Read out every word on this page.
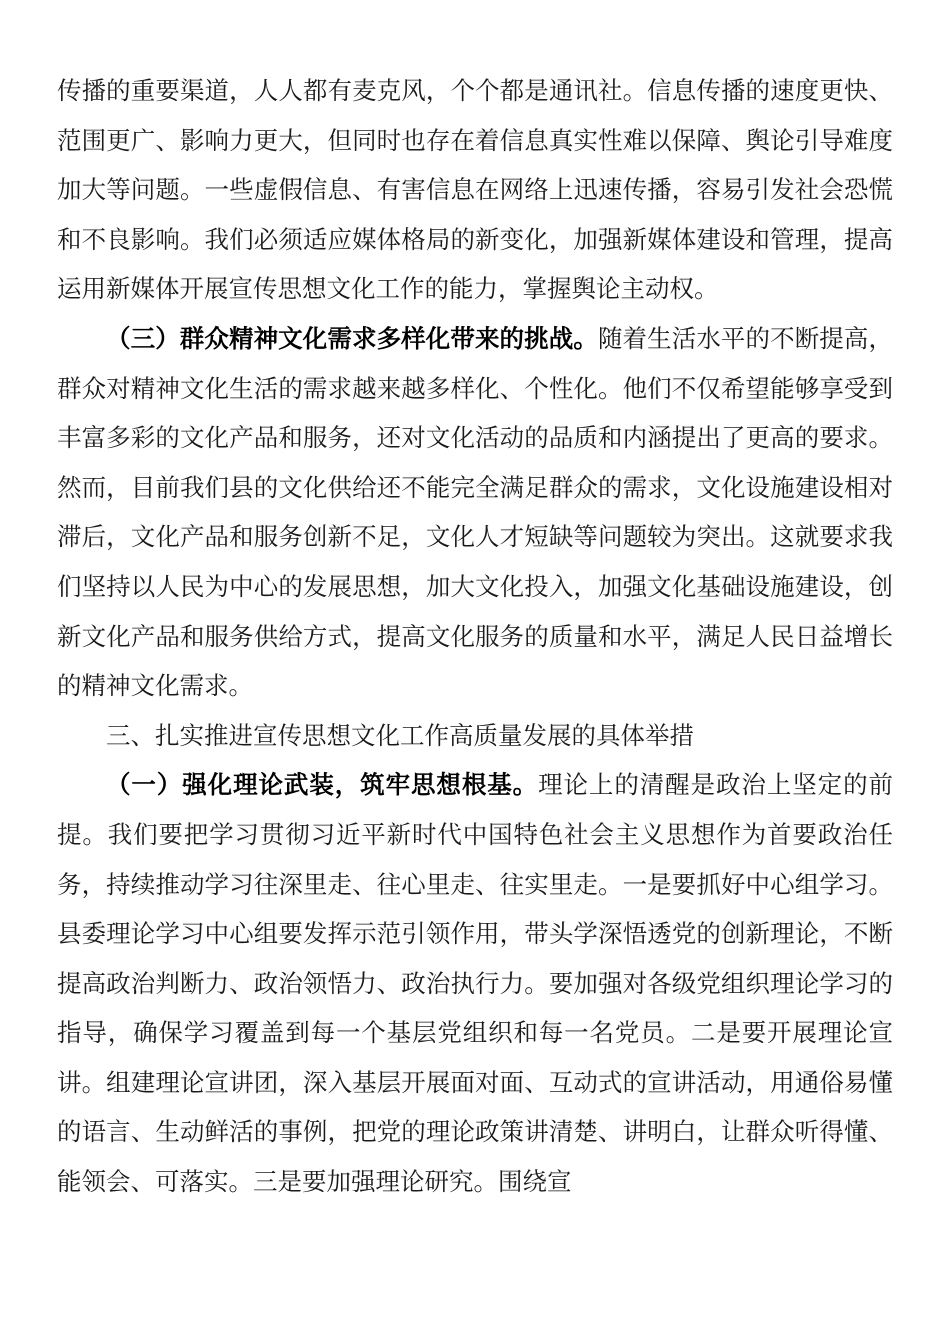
传播的重要渠道，人人都有麦克风，个个都是通讯社。信息传播的速度更快、范围更广、影响力更大，但同时也存在着信息真实性难以保障、舆论引导难度加大等问题。一些虚假信息、有害信息在网络上迅速传播，容易引发社会恐慌和不良影响。我们必须适应媒体格局的新变化，加强新媒体建设和管理，提高运用新媒体开展宣传思想文化工作的能力，掌握舆论主动权。

（三）群众精神文化需求多样化带来的挑战。随着生活水平的不断提高，群众对精神文化生活的需求越来越多样化、个性化。他们不仅希望能够享受到丰富多彩的文化产品和服务，还对文化活动的品质和内涵提出了更高的要求。然而，目前我们县的文化供给还不能完全满足群众的需求，文化设施建设相对滞后，文化产品和服务创新不足，文化人才短缺等问题较为突出。这就要求我们坚持以人民为中心的发展思想，加大文化投入，加强文化基础设施建设，创新文化产品和服务供给方式，提高文化服务的质量和水平，满足人民日益增长的精神文化需求。

三、扎实推进宣传思想文化工作高质量发展的具体举措

（一）强化理论武装，筑牢思想根基。理论上的清醒是政治上坚定的前提。我们要把学习贯彻习近平新时代中国特色社会主义思想作为首要政治任务，持续推动学习往深里走、往心里走、往实里走。一是要抓好中心组学习。县委理论学习中心组要发挥示范引领作用，带头学深悟透党的创新理论，不断提高政治判断力、政治领悟力、政治执行力。要加强对各级党组织理论学习的指导，确保学习覆盖到每一个基层党组织和每一名党员。二是要开展理论宣讲。组建理论宣讲团，深入基层开展面对面、互动式的宣讲活动，用通俗易懂的语言、生动鲜活的事例，把党的理论政策讲清楚、讲明白，让群众听得懂、能领会、可落实。三是要加强理论研究。围绕宣
